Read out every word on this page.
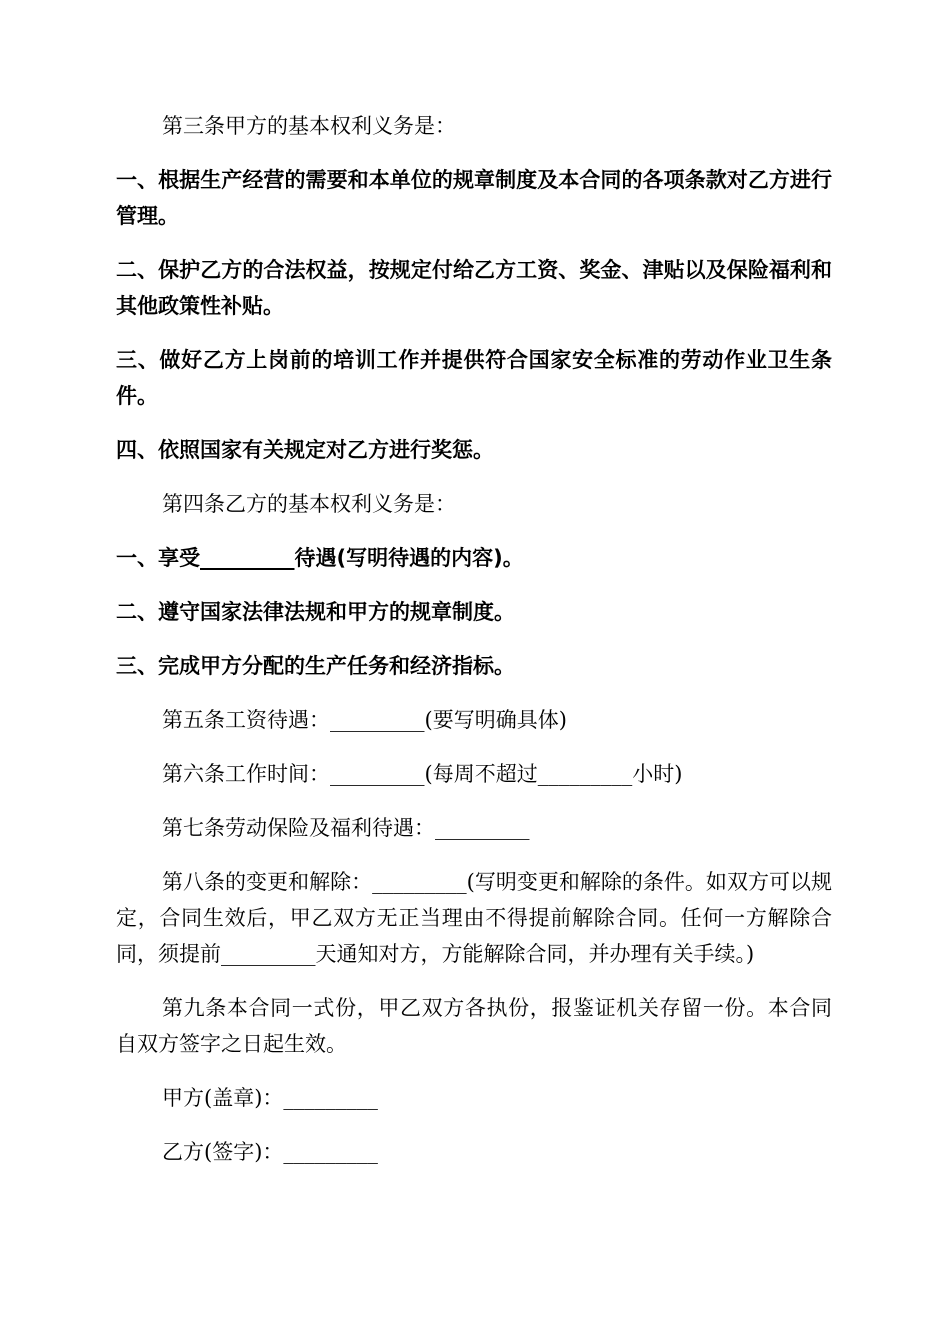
第三条甲方的基本权利义务是：

一、根据生产经营的需要和本单位的规章制度及本合同的各项条款对乙方进行管理。

二、保护乙方的合法权益，按规定付给乙方工资、奖金、津贴以及保险福利和其他政策性补贴。

三、做好乙方上岗前的培训工作并提供符合国家安全标准的劳动作业卫生条件。

四、依照国家有关规定对乙方进行奖惩。

第四条乙方的基本权利义务是：

一、享受_________待遇(写明待遇的内容)。

二、遵守国家法律法规和甲方的规章制度。

三、完成甲方分配的生产任务和经济指标。

第五条工资待遇：_________(要写明确具体)

第六条工作时间：_________(每周不超过_________小时)

第七条劳动保险及福利待遇：_________

第八条的变更和解除：_________(写明变更和解除的条件。如双方可以规定，合同生效后，甲乙双方无正当理由不得提前解除合同。任何一方解除合同，须提前_________天通知对方，方能解除合同，并办理有关手续。)

第九条本合同一式份，甲乙双方各执份，报鉴证机关存留一份。本合同自双方签字之日起生效。

甲方(盖章)：_________

乙方(签字)：_________
